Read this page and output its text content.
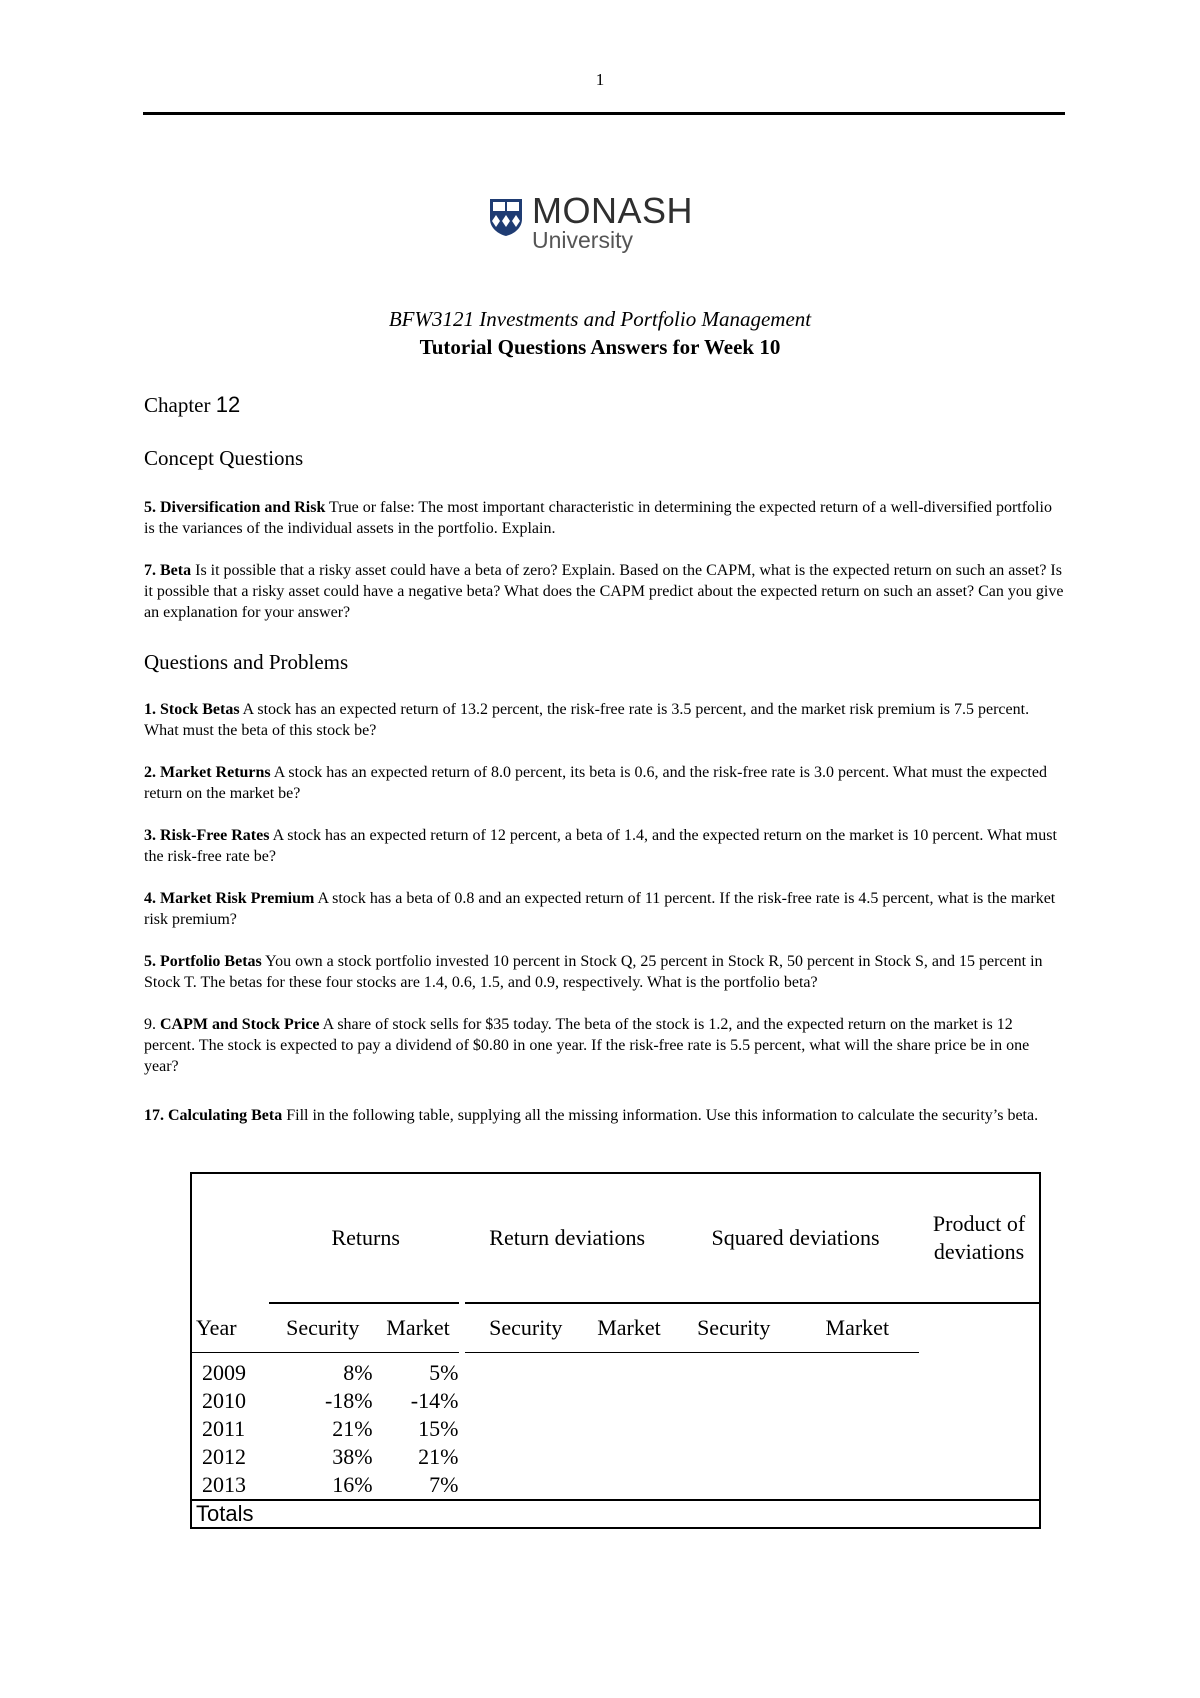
1
MONASH
University
BFW3121 Investments and Portfolio Management
Tutorial Questions Answers for Week 10
Chapter 12
Concept Questions

5. Diversification and Risk True or false: The most important characteristic in determining the expected return of a well-diversified portfolio is the variances of the individual assets in the portfolio. Explain.

7. Beta Is it possible that a risky asset could have a beta of zero? Explain. Based on the CAPM, what is the expected return on such an asset? Is it possible that a risky asset could have a negative beta? What does the CAPM predict about the expected return on such an asset? Can you give an explanation for your answer?

Questions and Problems

1. Stock Betas A stock has an expected return of 13.2 percent, the risk-free rate is 3.5 percent, and the market risk premium is 7.5 percent. What must the beta of this stock be?

2. Market Returns A stock has an expected return of 8.0 percent, its beta is 0.6, and the risk-free rate is 3.0 percent. What must the expected return on the market be?

3. Risk-Free Rates A stock has an expected return of 12 percent, a beta of 1.4, and the expected return on the market is 10 percent. What must the risk-free rate be?

4. Market Risk Premium A stock has a beta of 0.8 and an expected return of 11 percent. If the risk-free rate is 4.5 percent, what is the market risk premium?

5. Portfolio Betas You own a stock portfolio invested 10 percent in Stock Q, 25 percent in Stock R, 50 percent in Stock S, and 15 percent in Stock T. The betas for these four stocks are 1.4, 0.6, 1.5, and 0.9, respectively. What is the portfolio beta?

9. CAPM and Stock Price A share of stock sells for $35 today. The beta of the stock is 1.2, and the expected return on the market is 12 percent. The stock is expected to pay a dividend of $0.80 in one year. If the risk-free rate is 5.5 percent, what will the share price be in one year?

17. Calculating Beta Fill in the following table, supplying all the missing information. Use this information to calculate the security’s beta.

	Returns		Return deviations		Squared deviations		Product of deviations
Year	Security	Market	Security	Market	Security	Market	

2009	8%	5%					
2010	-18%	-14%					
2011	21%	15%					
2012	38%	21%					
2013	16%	7%					
Totals							
